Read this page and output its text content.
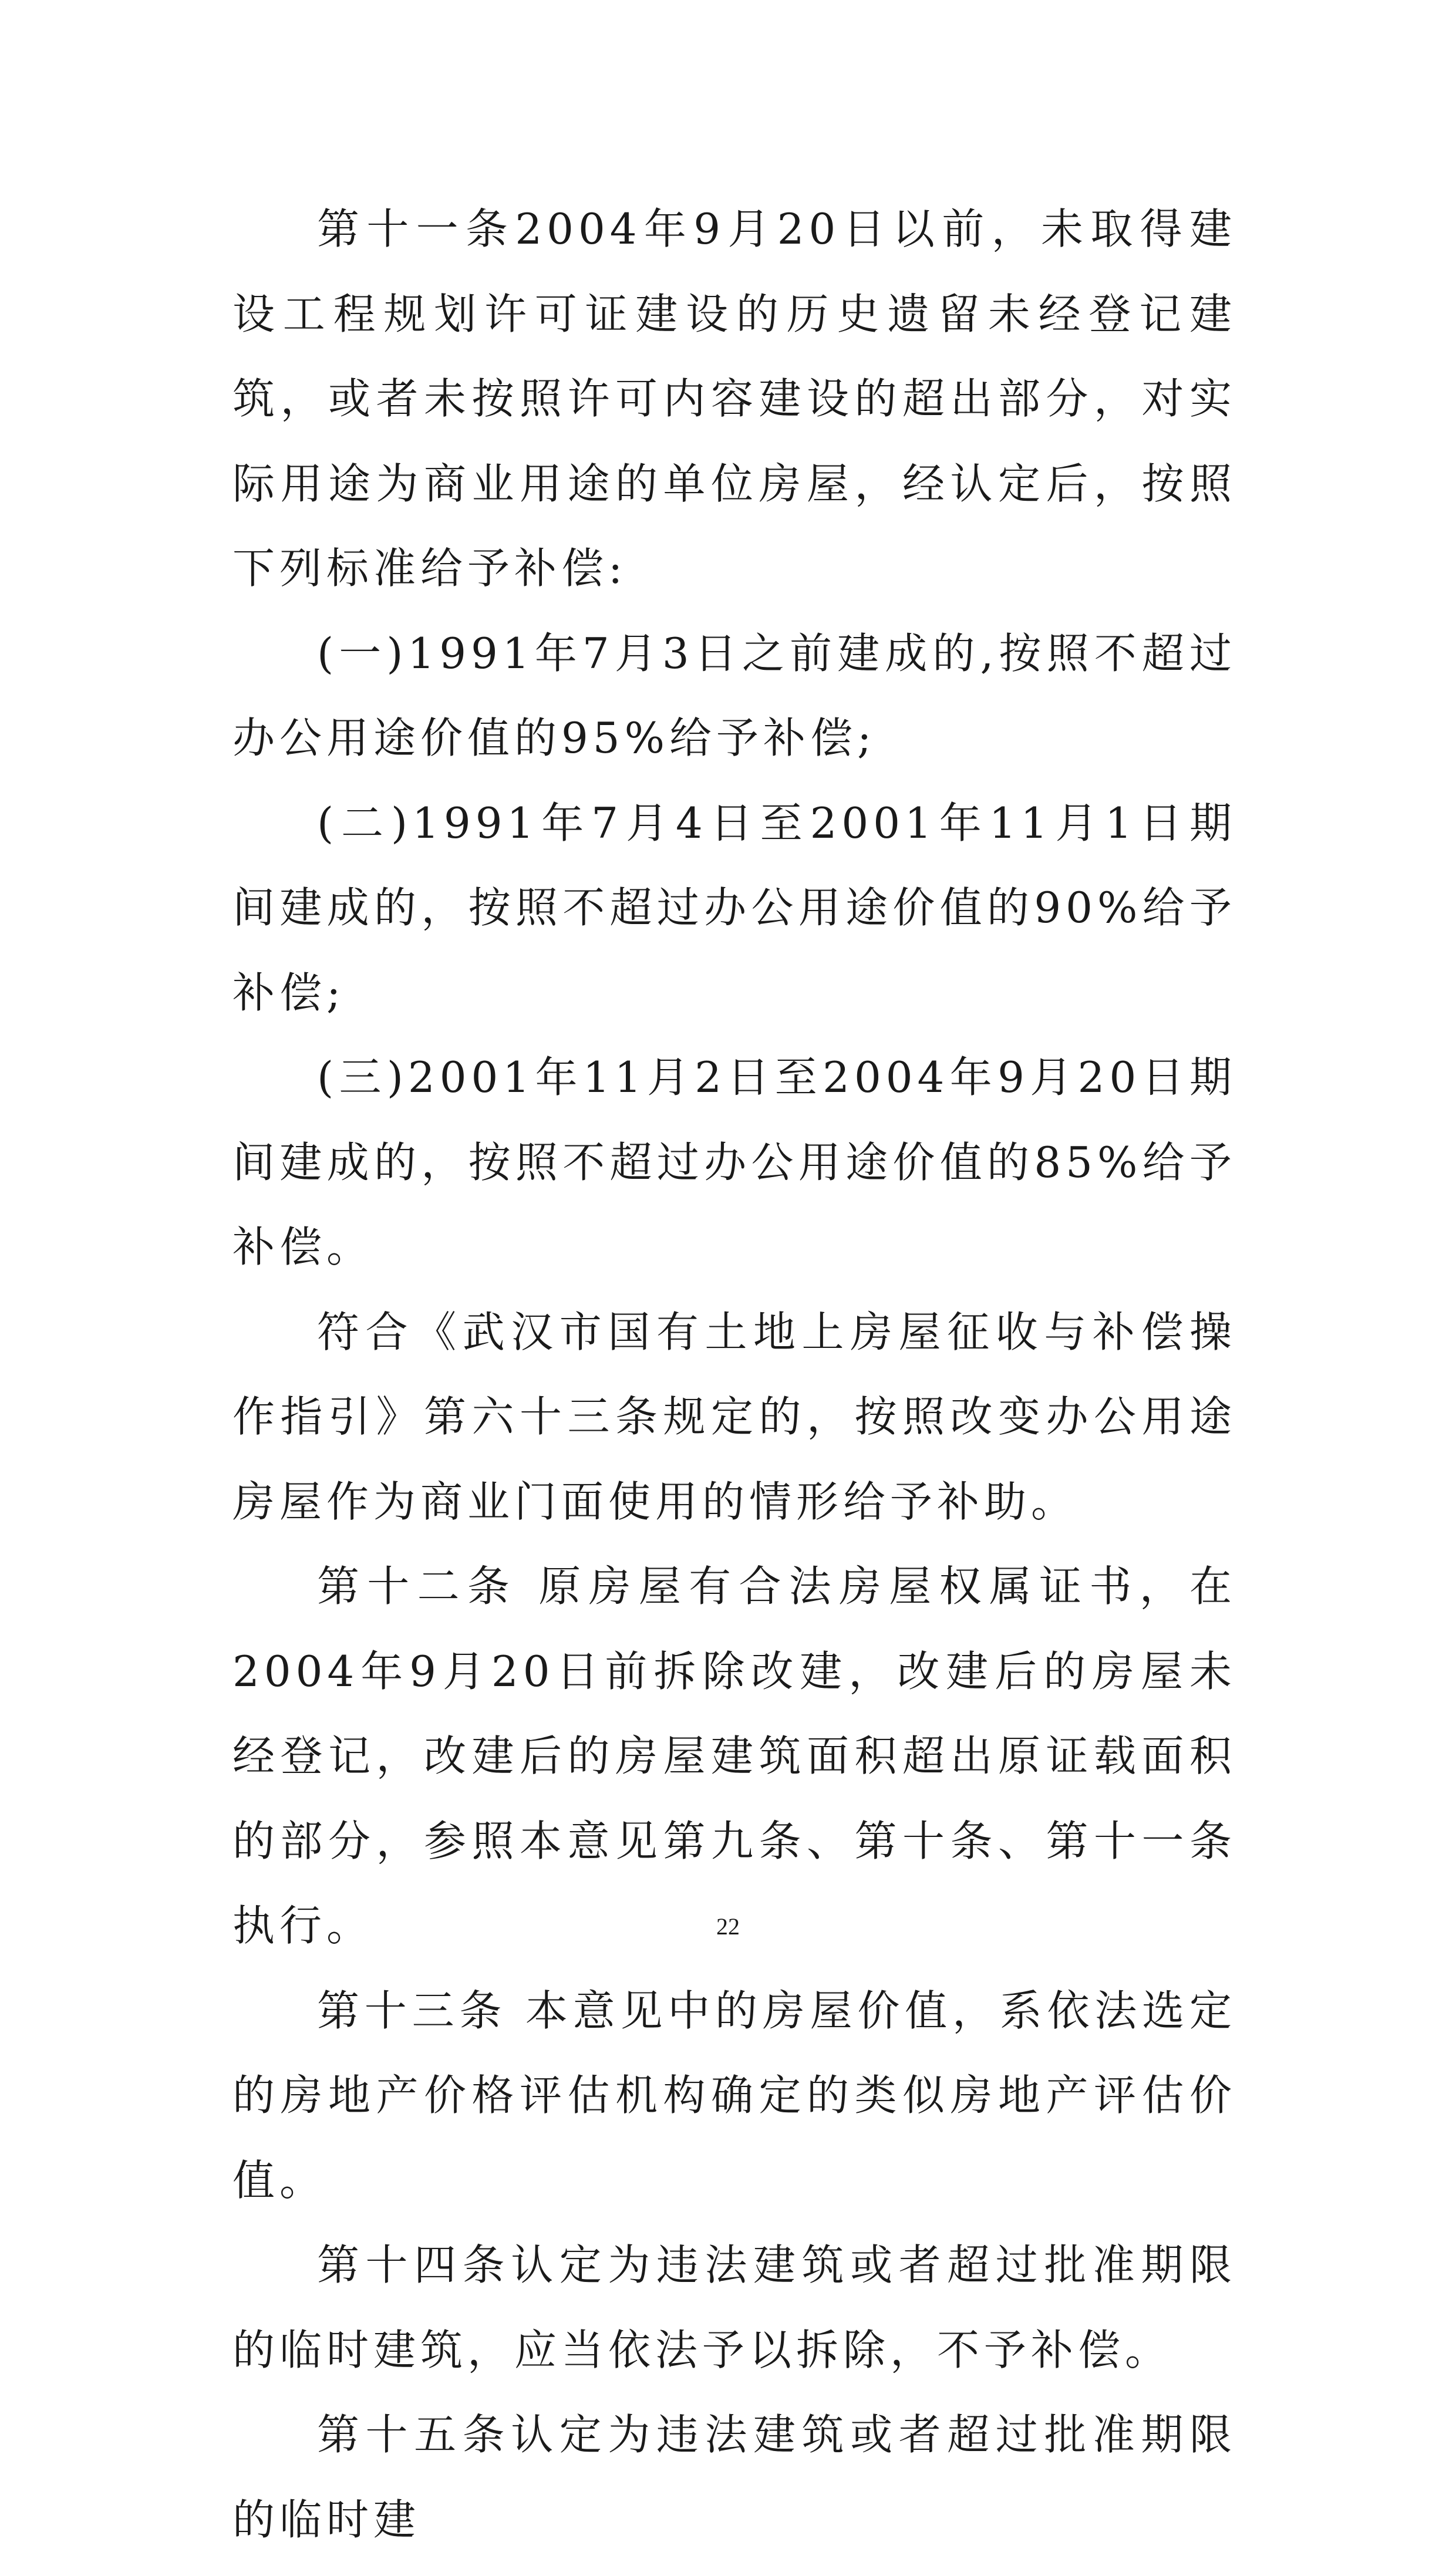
第十一条2004年9月20日以前，未取得建设工程规划许可证建设的历史遗留未经登记建筑，或者未按照许可内容建设的超出部分，对实际用途为商业用途的单位房屋，经认定后，按照下列标准给予补偿:

(一)1991年7月3日之前建成的,按照不超过办公用途价值的95%给予补偿;

(二)1991年7月4日至2001年11月1日期间建成的，按照不超过办公用途价值的90%给予补偿;

(三)2001年11月2日至2004年9月20日期间建成的，按照不超过办公用途价值的85%给予补偿。

符合《武汉市国有土地上房屋征收与补偿操作指引》第六十三条规定的，按照改变办公用途房屋作为商业门面使用的情形给予补助。

第十二条 原房屋有合法房屋权属证书，在2004年9月20日前拆除改建，改建后的房屋未经登记，改建后的房屋建筑面积超出原证载面积的部分，参照本意见第九条、第十条、第十一条执行。

第十三条 本意见中的房屋价值，系依法选定的房地产价格评估机构确定的类似房地产评估价值。

第十四条认定为违法建筑或者超过批准期限的临时建筑，应当依法予以拆除，不予补偿。

第十五条认定为违法建筑或者超过批准期限的临时建

22
